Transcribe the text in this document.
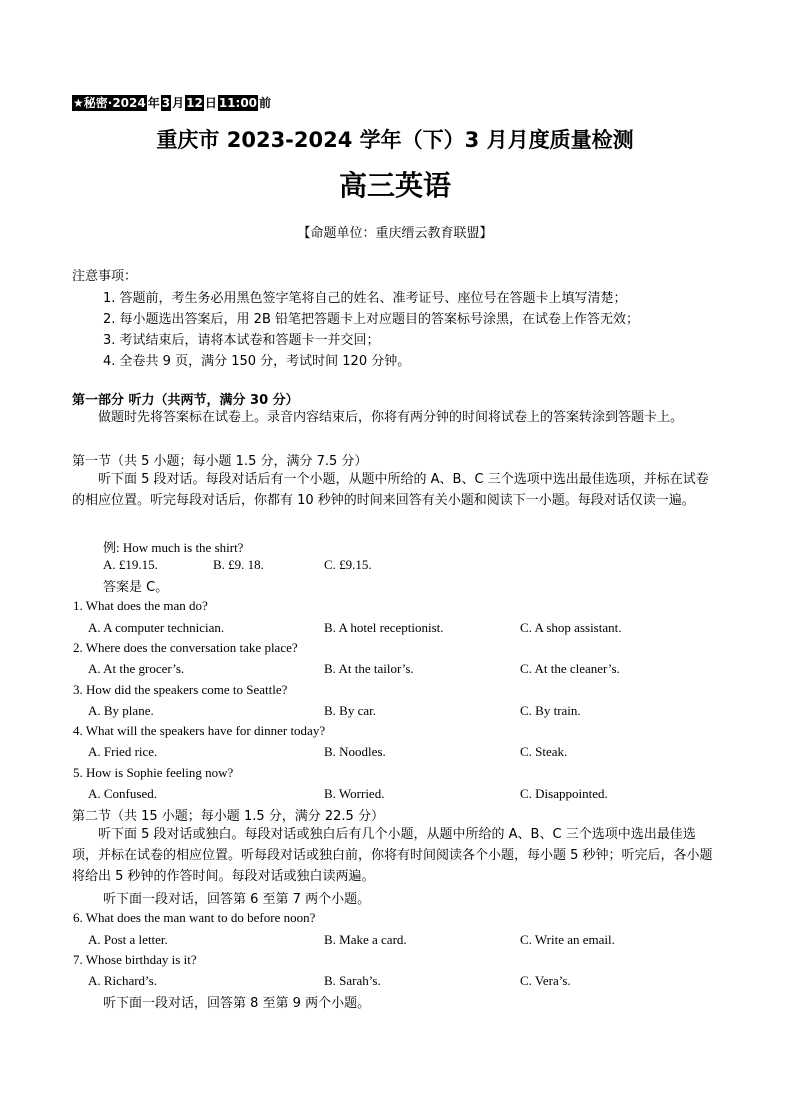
★秘密·2024 年 3 月 12 日 11:00 前
重庆市 2023-2024 学年（下）3 月月度质量检测
高三英语
【命题单位：重庆缙云教育联盟】
注意事项：
1. 答题前，考生务必用黑色签字笔将自己的姓名、准考证号、座位号在答题卡上填写清楚；
2. 每小题选出答案后，用 2B 铅笔把答题卡上对应题目的答案标号涂黑，在试卷上作答无效；
3. 考试结束后，请将本试卷和答题卡一并交回；
4. 全卷共 9 页，满分 150 分，考试时间 120 分钟。
第一部分 听力（共两节，满分 30 分）
做题时先将答案标在试卷上。录音内容结束后，你将有两分钟的时间将试卷上的答案转涂到答题卡上。
第一节（共 5 小题；每小题 1.5 分，满分 7.5 分）
听下面 5 段对话。每段对话后有一个小题，从题中所给的 A、B、C 三个选项中选出最佳选项，并标在试卷的相应位置。听完每段对话后，你都有 10 秒钟的时间来回答有关小题和阅读下一小题。每段对话仅读一遍。
例: How much is the shirt?
A. £19.15.	B. £9. 18.	C. £9.15.
答案是 C。
1. What does the man do?
A. A computer technician.	B. A hotel receptionist.	C. A shop assistant.
2. Where does the conversation take place?
A. At the grocer’s.	B. At the tailor’s.	C. At the cleaner’s.
3. How did the speakers come to Seattle?
A. By plane.	B. By car.	C. By train.
4. What will the speakers have for dinner today?
A. Fried rice.	B. Noodles.	C. Steak.
5. How is Sophie feeling now?
A. Confused.	B. Worried.	C. Disappointed.
第二节（共 15 小题；每小题 1.5 分，满分 22.5 分）
听下面 5 段对话或独白。每段对话或独白后有几个小题，从题中所给的 A、B、C 三个选项中选出最佳选项，并标在试卷的相应位置。听每段对话或独白前，你将有时间阅读各个小题，每小题 5 秒钟；听完后，各小题将给出 5 秒钟的作答时间。每段对话或独白读两遍。
听下面一段对话，回答第 6 至第 7 两个小题。
6. What does the man want to do before noon?
A. Post a letter.	B. Make a card.	C. Write an email.
7. Whose birthday is it?
A. Richard’s.	B. Sarah’s.	C. Vera’s.
听下面一段对话，回答第 8 至第 9 两个小题。
